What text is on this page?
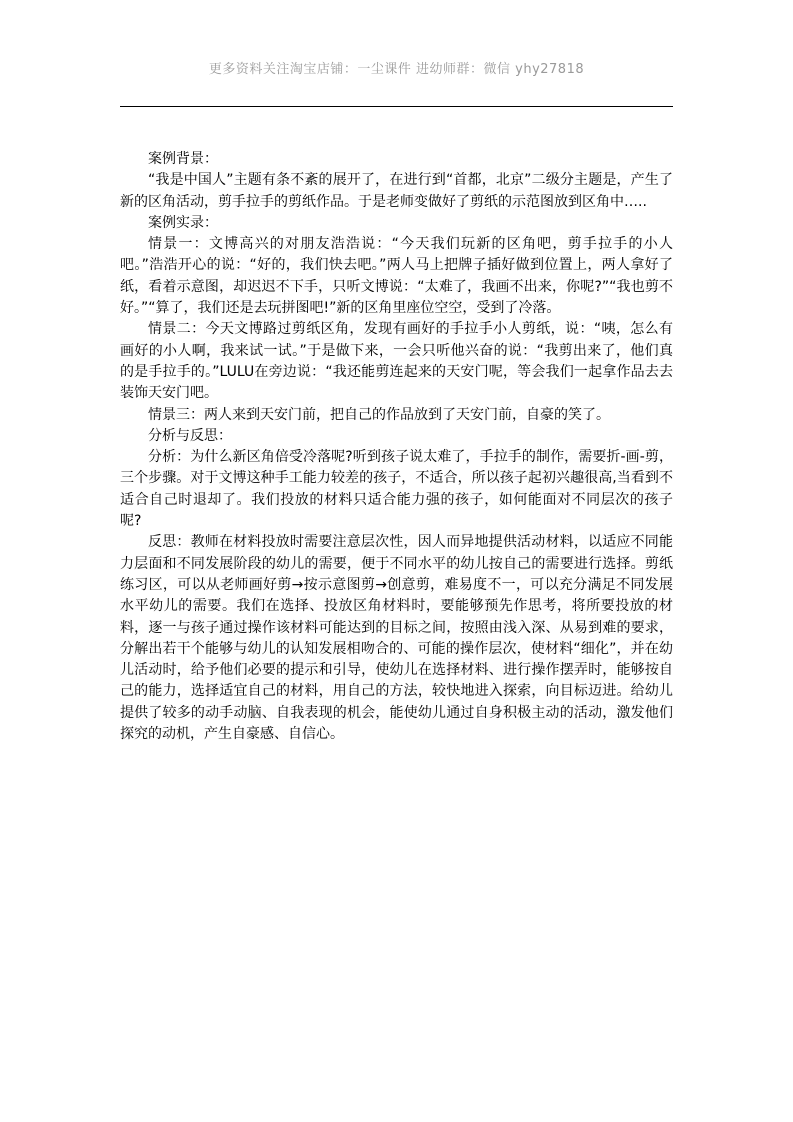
更多资料关注淘宝店铺：一尘课件 进幼师群：微信 yhy27818

案例背景：

“我是中国人”主题有条不紊的展开了，在进行到“首都，北京”二级分主题是，产生了新的区角活动，剪手拉手的剪纸作品。于是老师变做好了剪纸的示范图放到区角中…..

案例实录：

情景一：文博高兴的对朋友浩浩说：“今天我们玩新的区角吧，剪手拉手的小人吧。”浩浩开心的说：“好的，我们快去吧。”两人马上把牌子插好做到位置上，两人拿好了纸，看着示意图，却迟迟不下手，只听文博说：“太难了，我画不出来，你呢?”“我也剪不好。”“算了，我们还是去玩拼图吧!”新的区角里座位空空，受到了冷落。

情景二：今天文博路过剪纸区角，发现有画好的手拉手小人剪纸，说：“咦，怎么有画好的小人啊，我来试一试。”于是做下来，一会只听他兴奋的说：“我剪出来了，他们真的是手拉手的。”LULU在旁边说：“我还能剪连起来的天安门呢，等会我们一起拿作品去去装饰天安门吧。

情景三：两人来到天安门前，把自己的作品放到了天安门前，自豪的笑了。

分析与反思：

分析：为什么新区角倍受冷落呢?听到孩子说太难了，手拉手的制作，需要折-画-剪，三个步骤。对于文博这种手工能力较差的孩子，不适合，所以孩子起初兴趣很高,当看到不适合自己时退却了。我们投放的材料只适合能力强的孩子，如何能面对不同层次的孩子呢?

反思：教师在材料投放时需要注意层次性，因人而异地提供活动材料，以适应不同能力层面和不同发展阶段的幼儿的需要，便于不同水平的幼儿按自己的需要进行选择。剪纸练习区，可以从老师画好剪→按示意图剪→创意剪，难易度不一，可以充分满足不同发展水平幼儿的需要。我们在选择、投放区角材料时，要能够预先作思考，将所要投放的材料，逐一与孩子通过操作该材料可能达到的目标之间，按照由浅入深、从易到难的要求，分解出若干个能够与幼儿的认知发展相吻合的、可能的操作层次，使材料“细化”，并在幼儿活动时，给予他们必要的提示和引导，使幼儿在选择材料、进行操作摆弄时，能够按自己的能力，选择适宜自己的材料，用自己的方法，较快地进入探索，向目标迈进。给幼儿提供了较多的动手动脑、自我表现的机会，能使幼儿通过自身积极主动的活动，激发他们探究的动机，产生自豪感、自信心。
